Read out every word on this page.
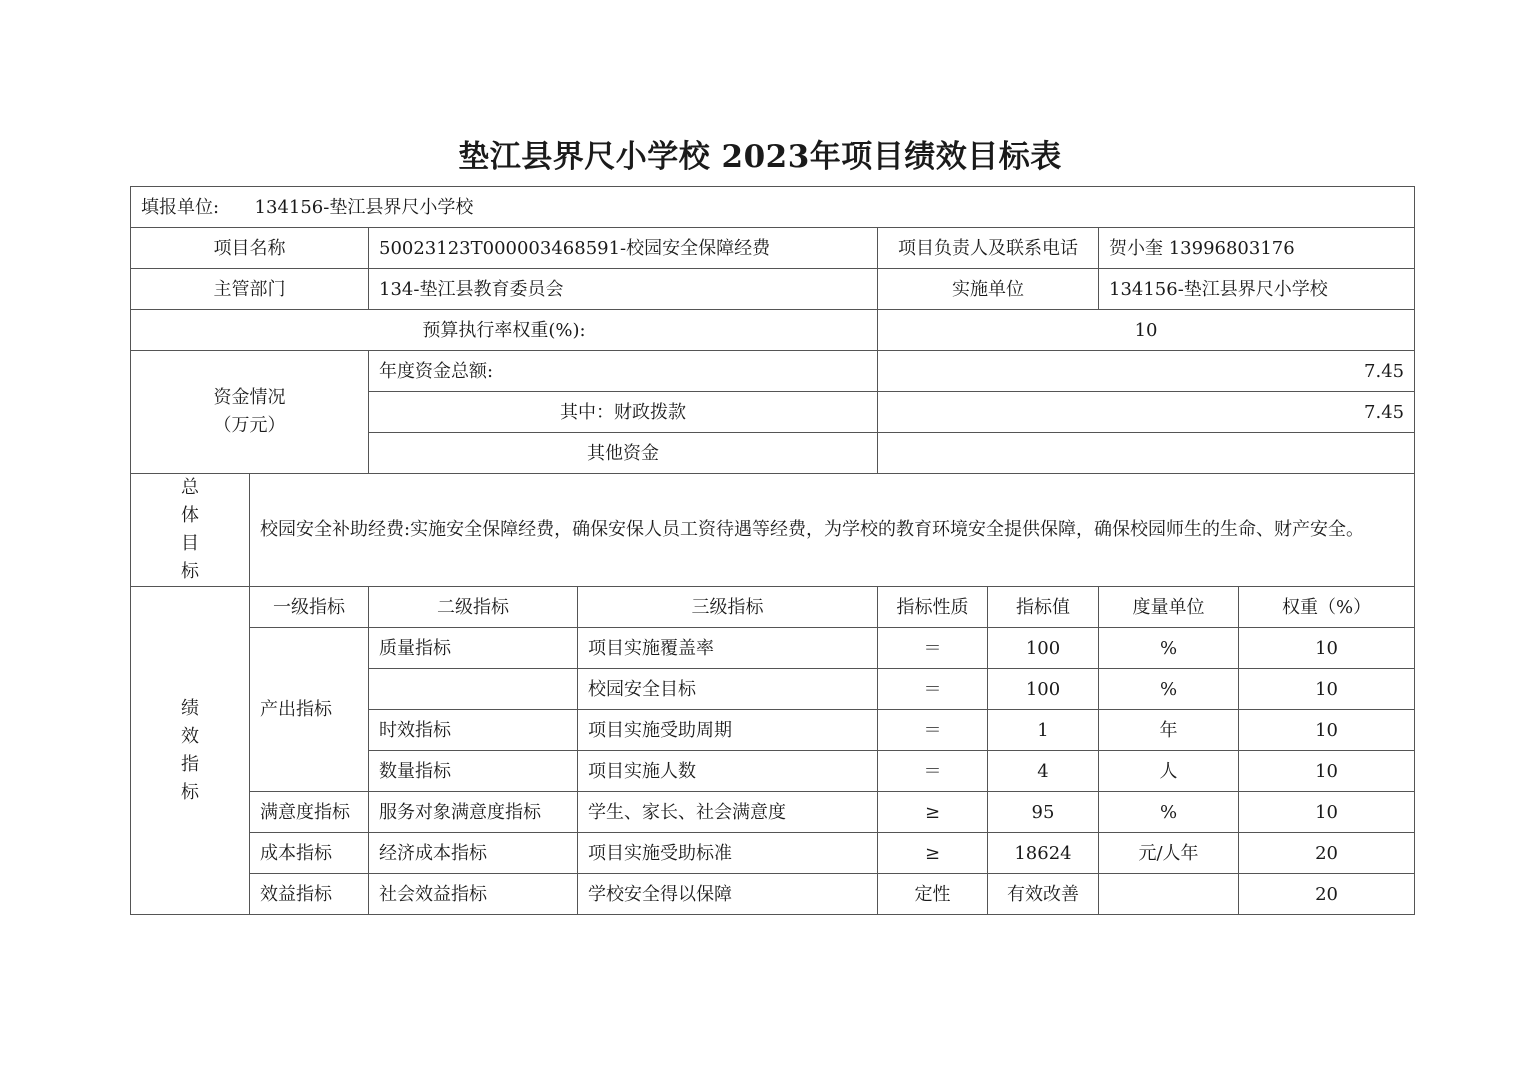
垫江县界尺小学校 2023年项目绩效目标表
填报单位: 134156-垫江县界尺小学校							
项目名称		50023123T000003468591-校园安全保障经费		项目负责人及联系电话		贺小奎 13996803176	
主管部门		134-垫江县教育委员会		实施单位		134156-垫江县界尺小学校	
预算执行率权重(%):				10			

资金情况
（万元）		年度资金总额:		7.45			
		其中：财政拨款		7.45			
		其他资金					

总
体
目
标	校园安全补助经费:实施安全保障经费，确保安保人员工资待遇等经费，为学校的教育环境安全提供保障，确保校园师生的生命、财产安全。						

绩
效
指
标	一级指标	二级指标	三级指标	指标性质	指标值	度量单位	权重（%）
	产出指标	质量指标	项目实施覆盖率	＝	100	%	10
			校园安全目标	＝	100	%	10
		时效指标	项目实施受助周期	＝	1	年	10
		数量指标	项目实施人数	＝	4	人	10
	满意度指标	服务对象满意度指标	学生、家长、社会满意度	≥	95	%	10
	成本指标	经济成本指标	项目实施受助标准	≥	18624	元/人年	20
	效益指标	社会效益指标	学校安全得以保障	定性	有效改善		20
